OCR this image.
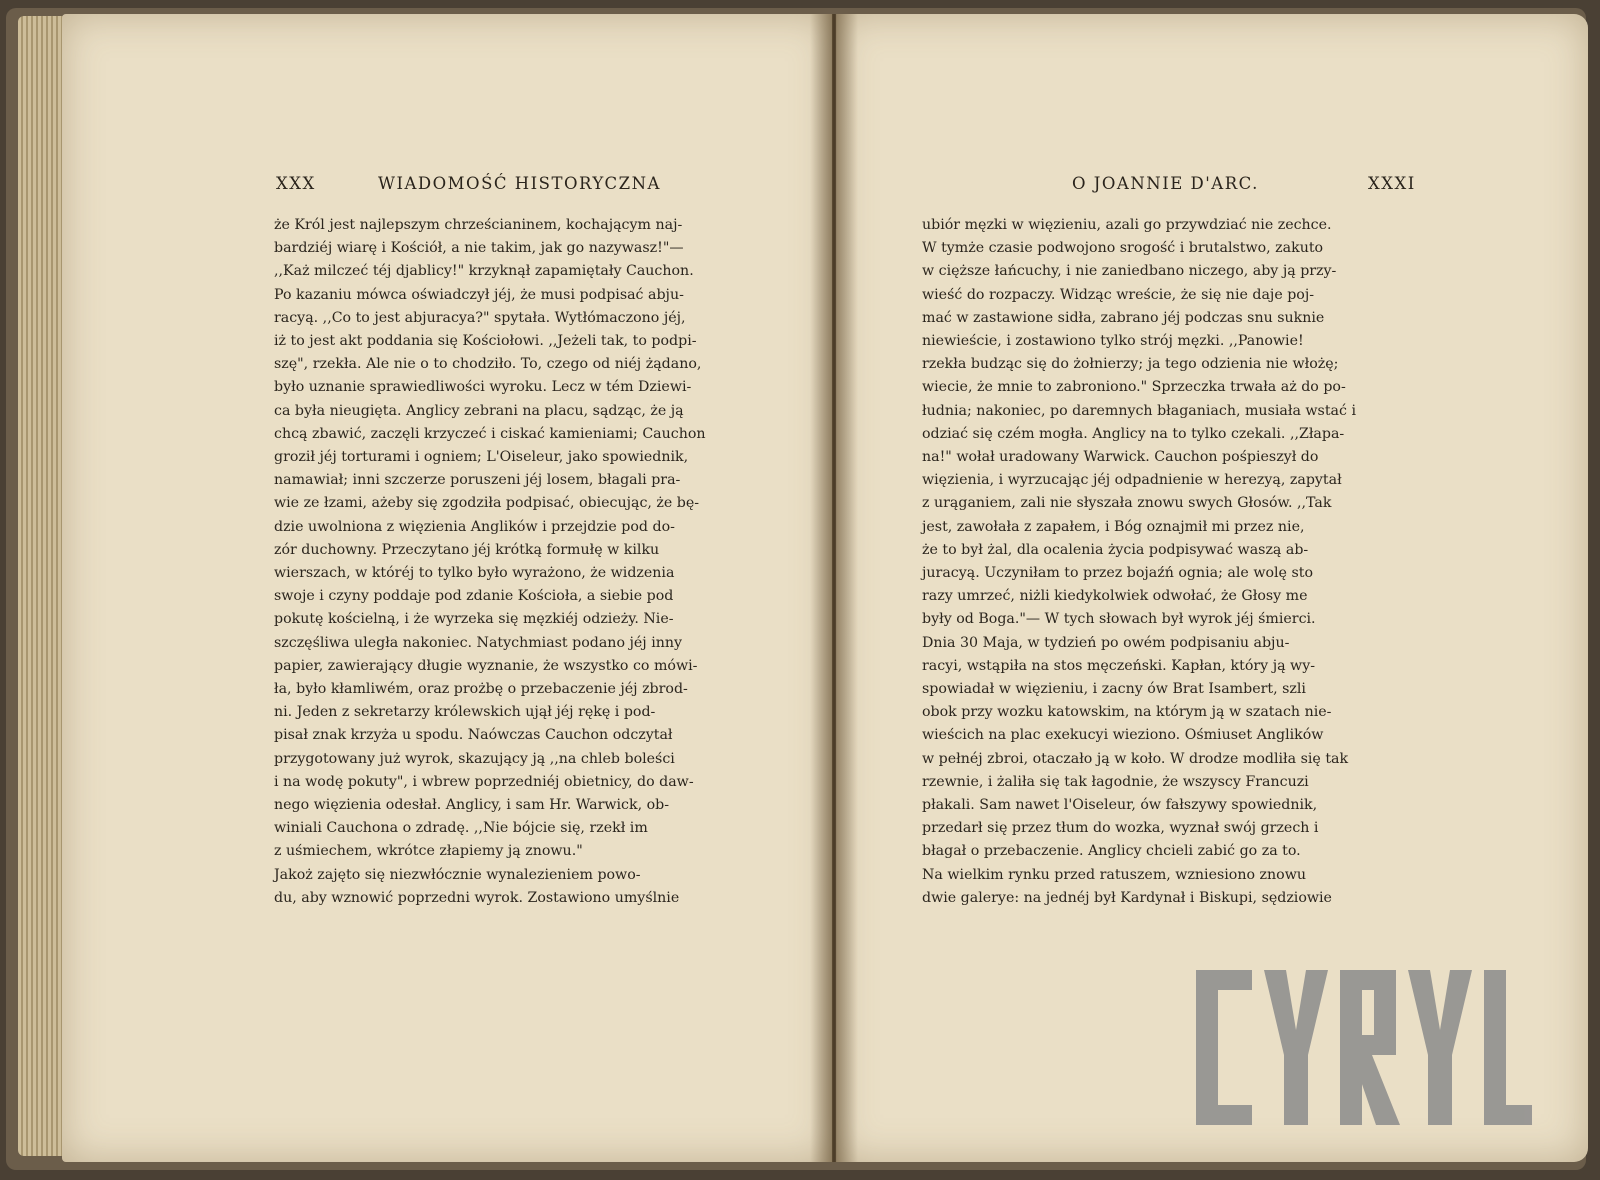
XXX	WIADOMOŚĆ HISTORYCZNA
że Król jest najlepszym chrześcianinem, kochającym naj-
bardziéj wiarę i Kościół, a nie takim, jak go nazywasz!"—
,,Każ milczeć téj djablicy!" krzyknął zapamiętały Cauchon.
Po kazaniu mówca oświadczył jéj, że musi podpisać abju-
racyą. ,,Co to jest abjuracya?" spytała. Wytłómaczono jéj,
iż to jest akt poddania się Kościołowi. ,,Jeżeli tak, to podpi-
szę", rzekła. Ale nie o to chodziło. To, czego od niéj żądano,
było uznanie sprawiedliwości wyroku. Lecz w tém Dziewi-
ca była nieugięta. Anglicy zebrani na placu, sądząc, że ją
chcą zbawić, zaczęli krzyczeć i ciskać kamieniami; Cauchon
groził jéj torturami i ogniem; L'Oiseleur, jako spowiednik,
namawiał; inni szczerze poruszeni jéj losem, błagali pra-
wie ze łzami, ażeby się zgodziła podpisać, obiecując, że bę-
dzie uwolniona z więzienia Anglików i przejdzie pod do-
zór duchowny. Przeczytano jéj krótką formułę w kilku
wierszach, w któréj to tylko było wyrażono, że widzenia
swoje i czyny poddaje pod zdanie Kościoła, a siebie pod
pokutę kościelną, i że wyrzeka się męzkiéj odzieży. Nie-
szczęśliwa uległa nakoniec. Natychmiast podano jéj inny
papier, zawierający długie wyznanie, że wszystko co mówi-
ła, było kłamliwém, oraz prożbę o przebaczenie jéj zbrod-
ni. Jeden z sekretarzy królewskich ujął jéj rękę i pod-
pisał znak krzyża u spodu. Naówczas Cauchon odczytał
przygotowany już wyrok, skazujący ją ,,na chleb boleści
i na wodę pokuty", i wbrew poprzedniéj obietnicy, do daw-
nego więzienia odesłał. Anglicy, i sam Hr. Warwick, ob-
winiali Cauchona o zdradę. ,,Nie bójcie się, rzekł im
z uśmiechem, wkrótce złapiemy ją znowu."
Jakoż zajęto się niezwłócznie wynalezieniem powo-
du, aby wznowić poprzedni wyrok. Zostawiono umyślnie
O JOANNIE D'ARC.	XXXI
ubiór męzki w więzieniu, azali go przywdziać nie zechce.
W tymże czasie podwojono srogość i brutalstwo, zakuto
w cięższe łańcuchy, i nie zaniedbano niczego, aby ją przy-
wieść do rozpaczy. Widząc wreście, że się nie daje poj-
mać w zastawione sidła, zabrano jéj podczas snu suknie
niewieście, i zostawiono tylko strój męzki. ,,Panowie!
rzekła budząc się do żołnierzy; ja tego odzienia nie włożę;
wiecie, że mnie to zabroniono." Sprzeczka trwała aż do po-
łudnia; nakoniec, po daremnych błaganiach, musiała wstać i
odziać się czém mogła. Anglicy na to tylko czekali. ,,Złapa-
na!" wołał uradowany Warwick. Cauchon pośpieszył do
więzienia, i wyrzucając jéj odpadnienie w herezyą, zapytał
z urąganiem, zali nie słyszała znowu swych Głosów. ,,Tak
jest, zawołała z zapałem, i Bóg oznajmił mi przez nie,
że to był żal, dla ocalenia życia podpisywać waszą ab-
juracyą. Uczyniłam to przez bojaźń ognia; ale wolę sto
razy umrzeć, niżli kiedykolwiek odwołać, że Głosy me
były od Boga."— W tych słowach był wyrok jéj śmierci.
Dnia 30 Maja, w tydzień po owém podpisaniu abju-
racyi, wstąpiła na stos męczeński. Kapłan, który ją wy-
spowiadał w więzieniu, i zacny ów Brat Isambert, szli
obok przy wozku katowskim, na którym ją w szatach nie-
wieścich na plac exekucyi wieziono. Ośmiuset Anglików
w pełnéj zbroi, otaczało ją w koło. W drodze modliła się tak
rzewnie, i żaliła się tak łagodnie, że wszyscy Francuzi
płakali. Sam nawet l'Oiseleur, ów fałszywy spowiednik,
przedarł się przez tłum do wozka, wyznał swój grzech i
błagał o przebaczenie. Anglicy chcieli zabić go za to.
Na wielkim rynku przed ratuszem, wzniesiono znowu
dwie galerye: na jednéj był Kardynał i Biskupi, sędziowie
